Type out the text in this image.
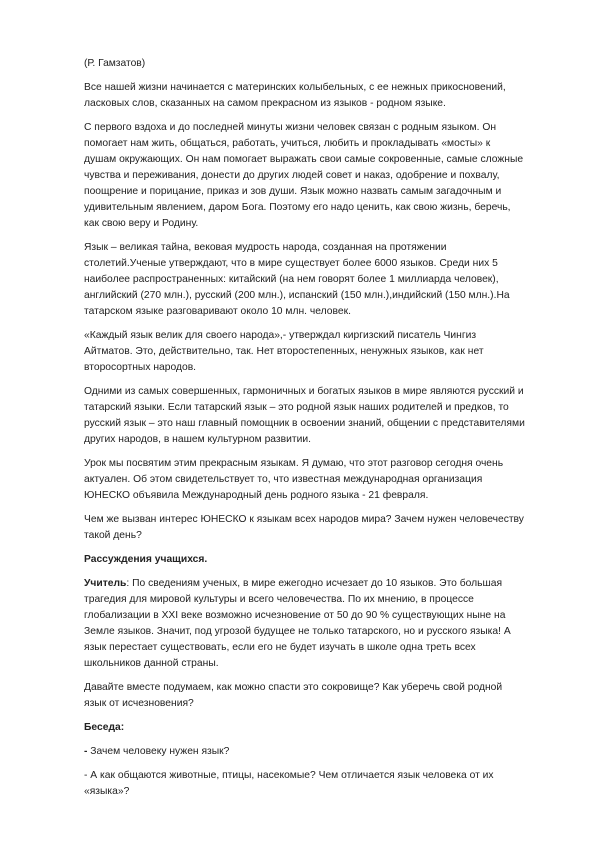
(Р. Гамзатов)

Все нашей жизни начинается с материнских колыбельных, с ее нежных прикосновений, ласковых слов, сказанных на самом прекрасном из языков - родном языке.

С первого вздоха и до последней минуты жизни человек связан с родным языком. Он помогает нам жить, общаться, работать, учиться, любить и прокладывать «мосты» к душам окружающих. Он нам помогает выражать свои самые сокровенные, самые сложные чувства и переживания, донести до других людей совет и наказ, одобрение и похвалу, поощрение и порицание, приказ и зов души. Язык можно назвать самым загадочным и удивительным явлением, даром Бога. Поэтому его надо ценить, как свою жизнь, беречь, как свою веру и Родину.

Язык – великая тайна, вековая мудрость народа, созданная на протяжении столетий.Ученые утверждают, что в мире существует более 6000 языков. Среди них 5 наиболее распространенных: китайский (на нем говорят более 1 миллиарда человек), английский (270 млн.), русский (200 млн.), испанский (150 млн.),индийский (150 млн.).На татарском языке разговаривают около 10 млн. человек.

«Каждый язык велик для своего народа»,- утверждал киргизский писатель Чингиз Айтматов. Это, действительно, так. Нет второстепенных, ненужных языков, как нет второсортных народов.

Одними из самых совершенных, гармоничных и богатых языков в мире являются русский и татарский языки. Если татарский язык – это родной язык наших родителей и предков, то русский язык – это наш главный помощник в освоении знаний, общении с представителями других народов, в нашем культурном развитии.

Урок мы посвятим этим прекрасным языкам. Я думаю, что этот разговор сегодня очень актуален. Об этом свидетельствует то, что известная международная организация ЮНЕСКО объявила Международный день родного языка - 21 февраля.

Чем же вызван интерес ЮНЕСКО к языкам всех народов мира? Зачем нужен человечеству такой день?

Рассуждения учащихся.

Учитель: По сведениям ученых, в мире ежегодно исчезает до 10 языков. Это большая трагедия для мировой культуры и всего человечества. По их мнению, в процессе глобализации в XXI веке возможно исчезновение от 50 до 90 % существующих ныне на Земле языков. Значит, под угрозой будущее не только татарского, но и русского языка! А язык перестает существовать, если его не будет изучать в школе одна треть всех школьников данной страны.

Давайте вместе подумаем, как можно спасти это сокровище? Как уберечь свой родной язык от исчезновения?

Беседа:

- Зачем человеку нужен язык?

- А как общаются животные, птицы, насекомые? Чем отличается язык человека от их «языка»?
